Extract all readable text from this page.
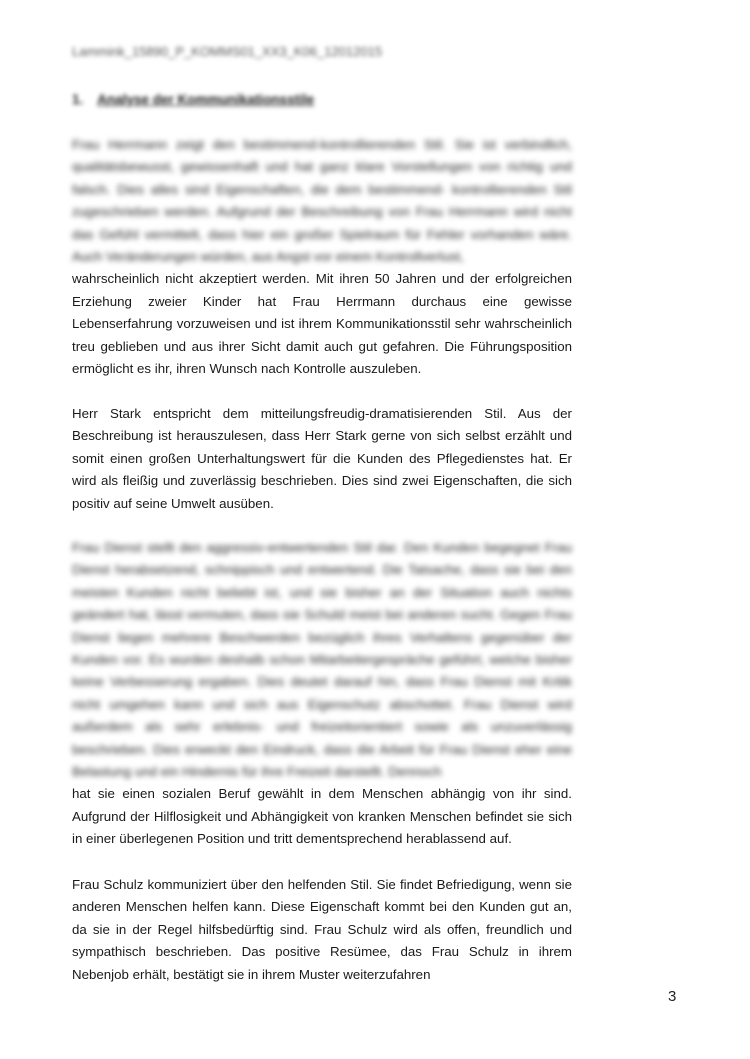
Lammink_15890_P_KOMMS01_XX3_K06_12012015
1. Analyse der Kommunikationsstile

Frau Herrmann zeigt den bestimmend-kontrollierenden Stil. Sie ist verbindlich, qualitätsbewusst, gewissenhaft und hat ganz klare Vorstellungen von richtig und falsch. Dies alles sind Eigenschaften, die dem bestimmend- kontrollierenden Stil zugeschrieben werden. Aufgrund der Beschreibung von Frau Herrmann wird nicht das Gefühl vermittelt, dass hier ein großer Spielraum für Fehler vorhanden wäre. Auch Veränderungen würden, aus Angst vor einem Kontrollverlust,
wahrscheinlich nicht akzeptiert werden. Mit ihren 50 Jahren und der erfolgreichen Erziehung zweier Kinder hat Frau Herrmann durchaus eine gewisse Lebenserfahrung vorzuweisen und ist ihrem Kommunikationsstil sehr wahrscheinlich treu geblieben und aus ihrer Sicht damit auch gut gefahren. Die Führungsposition ermöglicht es ihr, ihren Wunsch nach Kontrolle auszuleben.

Herr Stark entspricht dem mitteilungsfreudig-dramatisierenden Stil. Aus der Beschreibung ist herauszulesen, dass Herr Stark gerne von sich selbst erzählt und somit einen großen Unterhaltungswert für die Kunden des Pflegedienstes hat. Er wird als fleißig und zuverlässig beschrieben. Dies sind zwei Eigenschaften, die sich positiv auf seine Umwelt ausüben.

Frau Dienst stellt den aggressiv-entwertenden Stil dar. Den Kunden begegnet Frau Dienst herabsetzend, schnippisch und entwertend. Die Tatsache, dass sie bei den meisten Kunden nicht beliebt ist, und sie bisher an der Situation auch nichts geändert hat, lässt vermuten, dass sie Schuld meist bei anderen sucht. Gegen Frau Dienst liegen mehrere Beschwerden bezüglich ihres Verhaltens gegenüber der Kunden vor. Es wurden deshalb schon Mitarbeitergespräche geführt, welche bisher keine Verbesserung ergaben. Dies deutet darauf hin, dass Frau Dienst mit Kritik nicht umgehen kann und sich aus Eigenschutz abschottet. Frau Dienst wird außerdem als sehr erlebnis- und freizeitorientiert sowie als unzuverlässig beschrieben. Dies erweckt den Eindruck, dass die Arbeit für Frau Dienst eher eine Belastung und ein Hindernis für ihre Freizeit darstellt. Dennoch
hat sie einen sozialen Beruf gewählt in dem Menschen abhängig von ihr sind. Aufgrund der Hilflosigkeit und Abhängigkeit von kranken Menschen befindet sie sich in einer überlegenen Position und tritt dementsprechend herablassend auf.

Frau Schulz kommuniziert über den helfenden Stil. Sie findet Befriedigung, wenn sie anderen Menschen helfen kann. Diese Eigenschaft kommt bei den Kunden gut an, da sie in der Regel hilfsbedürftig sind. Frau Schulz wird als offen, freundlich und sympathisch beschrieben. Das positive Resümee, das Frau Schulz in ihrem Nebenjob erhält, bestätigt sie in ihrem Muster weiterzufahren

3
